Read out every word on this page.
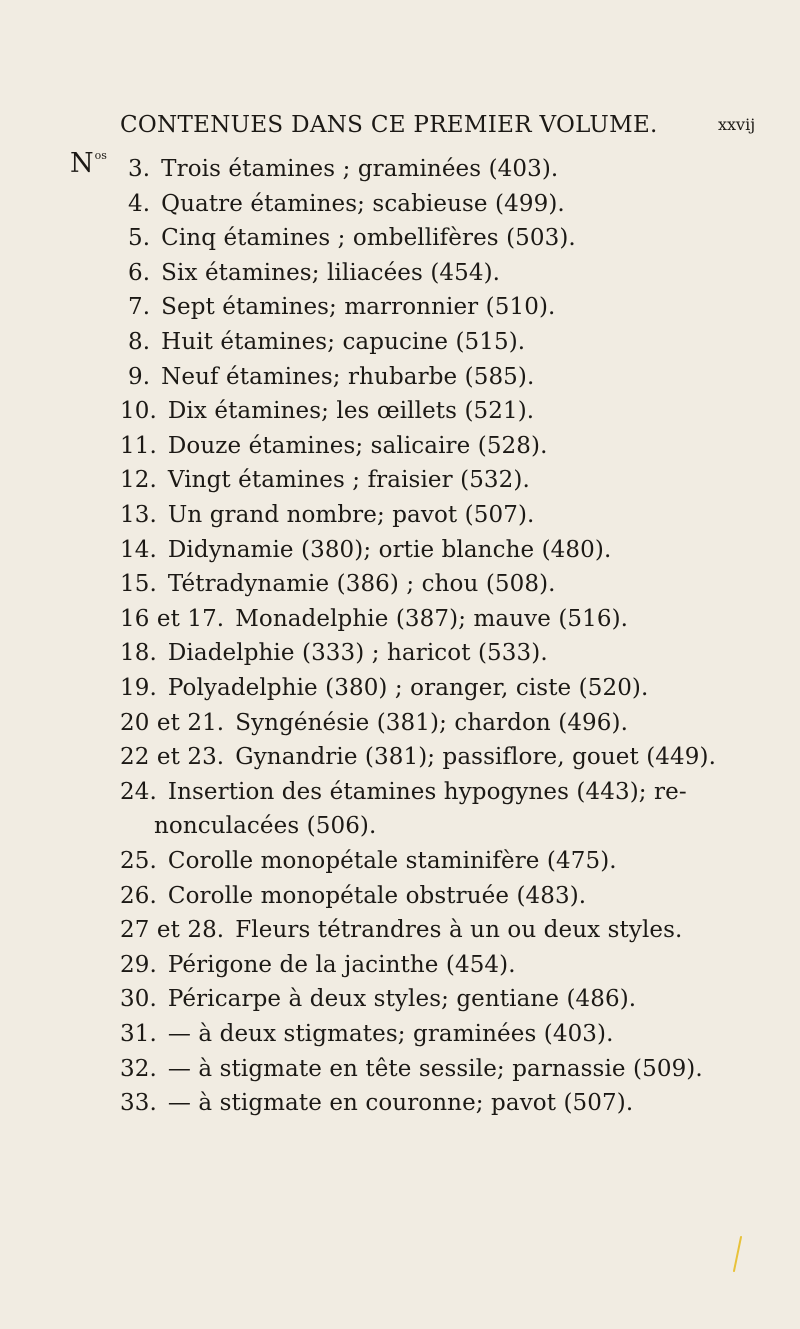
CONTENUES DANS CE PREMIER VOLUME.	xxvij
$N^{os}$
3. Trois étamines ; graminées (403).
4. Quatre étamines; scabieuse (499).
5. Cinq étamines ; ombellifères (503).
6. Six étamines; liliacées (454).
7. Sept étamines; marronnier (510).
8. Huit étamines; capucine (515).
9. Neuf étamines; rhubarbe (585).
10. Dix étamines; les œillets (521).
11. Douze étamines; salicaire (528).
12. Vingt étamines ; fraisier (532).
13. Un grand nombre; pavot (507).
14. Didynamie (380); ortie blanche (480).
15. Tétradynamie (386) ; chou (508).
16 et 17. Monadelphie (387); mauve (516).
18. Diadelphie (333) ; haricot (533).
19. Polyadelphie (380) ; oranger, ciste (520).
20 et 21. Syngénésie (381); chardon (496).
22 et 23. Gynandrie (381); passiflore, gouet (449).
24. Insertion des étamines hypogynes (443); re-
nonculacées (506).
25. Corolle monopétale staminifère (475).
26. Corolle monopétale obstruée (483).
27 et 28. Fleurs tétrandres à un ou deux styles.
29. Périgone de la jacinthe (454).
30. Péricarpe à deux styles; gentiane (486).
31. — à deux stigmates; graminées (403).
32. — à stigmate en tête sessile; parnassie (509).
33. — à stigmate en couronne; pavot (507).
